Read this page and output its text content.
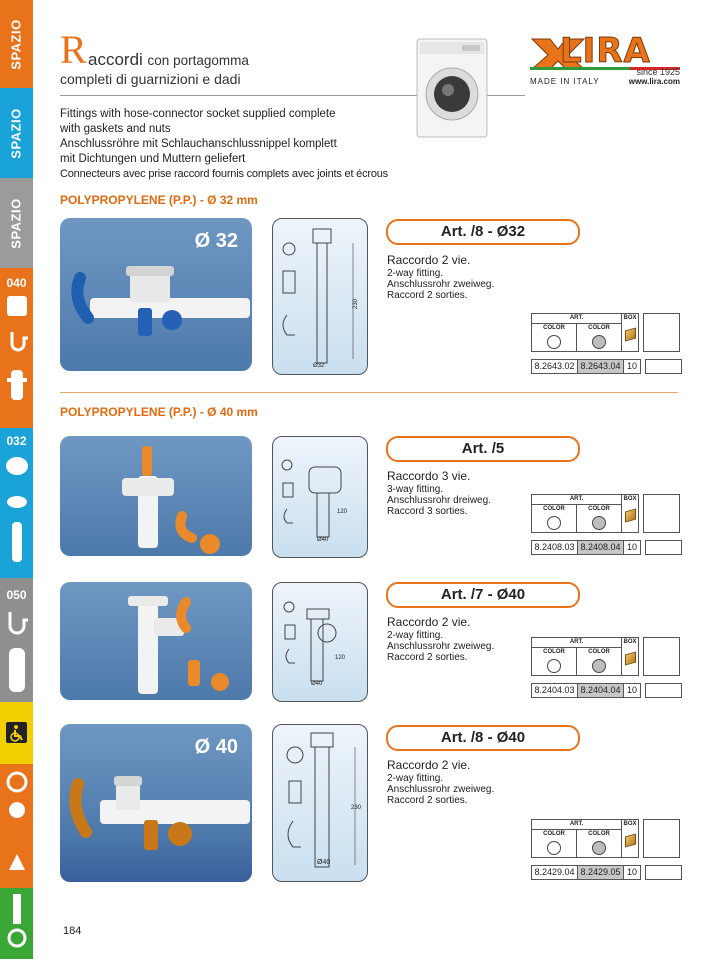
SPAZIO
SPAZIO
SPAZIO
040
032
050
R accordi con portagomma
completi di guarnizioni e dadi
LIRA
since 1925
MADE IN ITALY	www.lira.com
Fittings with hose-connector socket supplied complete
with gaskets and nuts
Anschlussröhre mit Schlauchanschlussnippel komplett
mit Dichtungen und Muttern geliefert
Connecteurs avec prise raccord fournis complets avec joints et écrous
POLYPROPYLENE (P.P.) - Ø 32 mm
Ø 32
230
Ø32
Art. /8 - Ø32
Raccordo 2 vie.
2-way fitting.
Anschlussrohr zweiweg.
Raccord 2 sorties.
ART.
COLOR	COLOR
BOX
8.2643.02 8.2643.04 10
POLYPROPYLENE (P.P.) - Ø 40 mm
120
Ø40
Art. /5
Raccordo 3 vie.
3-way fitting.
Anschlussrohr dreiweg.
Raccord 3 sorties.
ART.
COLOR	COLOR
BOX
8.2408.03 8.2408.04 10
120
Ø40
Art. /7 - Ø40
Raccordo 2 vie.
2-way fitting.
Anschlussrohr zweiweg.
Raccord 2 sorties.
ART.
COLOR	COLOR
BOX
8.2404.03 8.2404.04 10
Ø 40
230
Ø40
Art. /8 - Ø40
Raccordo 2 vie.
2-way fitting.
Anschlussrohr zweiweg.
Raccord 2 sorties.
ART.
COLOR	COLOR
BOX
8.2429.04 8.2429.05 10
184
